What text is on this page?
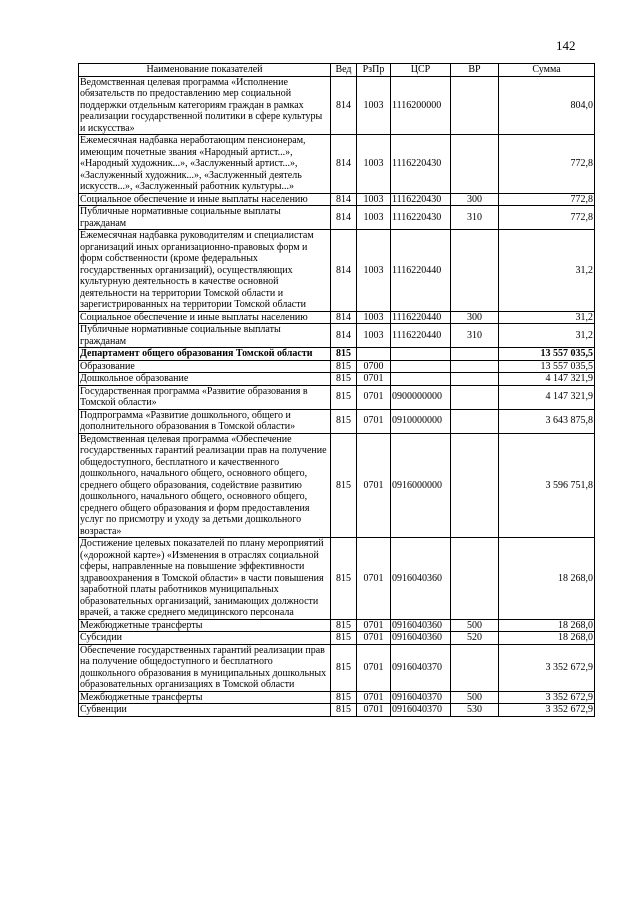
142
Наименование показателей	Вед	РзПр	ЦСР	ВР	Сумма
Ведомственная целевая программа «Исполнение обязательств по предоставлению мер социальной поддержки отдельным категориям граждан в рамках реализации государственной политики в сфере культуры и искусства»	814	1003	1116200000		804,0
Ежемесячная надбавка неработающим пенсионерам, имеющим почетные звания «Народный артист...», «Народный художник...», «Заслуженный артист...», «Заслуженный художник...», «Заслуженный деятель искусств...», «Заслуженный работник культуры...»	814	1003	1116220430		772,8
Социальное обеспечение и иные выплаты населению	814	1003	1116220430	300	772,8
Публичные нормативные социальные выплаты гражданам	814	1003	1116220430	310	772,8
Ежемесячная надбавка руководителям и специалистам организаций иных организационно-правовых форм и форм собственности (кроме федеральных государственных организаций), осуществляющих культурную деятельность в качестве основной деятельности на территории Томской области и зарегистрированных на территории Томской области	814	1003	1116220440		31,2
Социальное обеспечение и иные выплаты населению	814	1003	1116220440	300	31,2
Публичные нормативные социальные выплаты гражданам	814	1003	1116220440	310	31,2
Департамент общего образования Томской области	815				13 557 035,5
Образование	815	0700			13 557 035,5
Дошкольное образование	815	0701			4 147 321,9
Государственная программа «Развитие образования в Томской области»	815	0701	0900000000		4 147 321,9
Подпрограмма «Развитие дошкольного, общего и дополнительного образования в Томской области»	815	0701	0910000000		3 643 875,8
Ведомственная целевая программа «Обеспечение государственных гарантий реализации прав на получение общедоступного, бесплатного и качественного дошкольного, начального общего, основного общего, среднего общего образования, содействие развитию дошкольного, начального общего, основного общего, среднего общего образования и форм предоставления услуг по присмотру и уходу за детьми дошкольного возраста»	815	0701	0916000000		3 596 751,8
Достижение целевых показателей по плану мероприятий («дорожной карте») «Изменения в отраслях социальной сферы, направленные на повышение эффективности здравоохранения в Томской области» в части повышения заработной платы работников муниципальных образовательных организаций, занимающих должности врачей, а также среднего медицинского персонала	815	0701	0916040360		18 268,0
Межбюджетные трансферты	815	0701	0916040360	500	18 268,0
Субсидии	815	0701	0916040360	520	18 268,0
Обеспечение государственных гарантий реализации прав на получение общедоступного и бесплатного дошкольного образования в муниципальных дошкольных образовательных организациях в Томской области	815	0701	0916040370		3 352 672,9
Межбюджетные трансферты	815	0701	0916040370	500	3 352 672,9
Субвенции	815	0701	0916040370	530	3 352 672,9
